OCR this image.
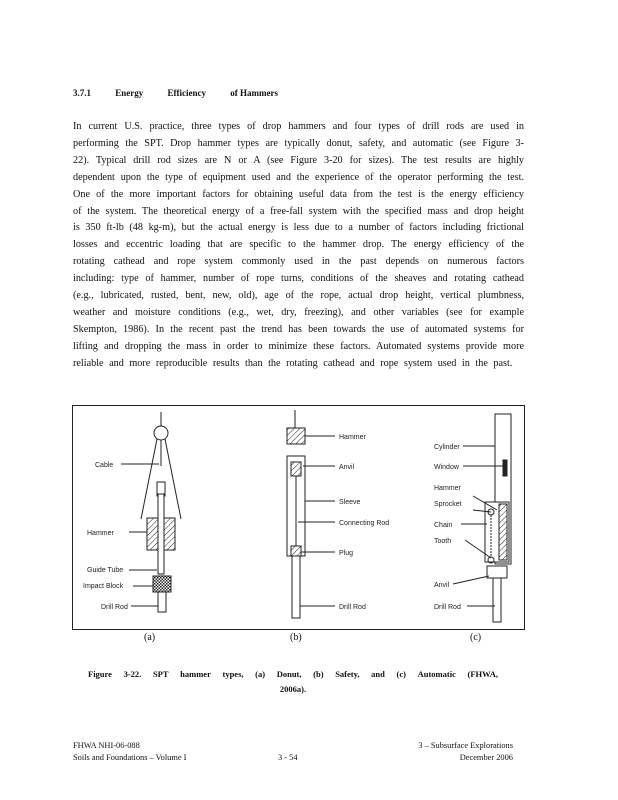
3.7.1	Energy	Efficiency	of Hammers
In current U.S. practice, three types of drop hammers and four types of drill rods are used in performing the SPT. Drop hammer types are typically donut, safety, and automatic (see Figure 3-22). Typical drill rod sizes are N or A (see Figure 3-20 for sizes). The test results are highly dependent upon the type of equipment used and the experience of the operator performing the test. One of the more important factors for obtaining useful data from the test is the energy efficiency of the system. The theoretical energy of a free-fall system with the specified mass and drop height is 350 ft-lb (48 kg-m), but the actual energy is less due to a number of factors including frictional losses and eccentric loading that are specific to the hammer drop. The energy efficiency of the rotating cathead and rope system commonly used in the past depends on numerous factors including: type of hammer, number of rope turns, conditions of the sheaves and rotating cathead (e.g., lubricated, rusted, bent, new, old), age of the rope, actual drop height, vertical plumbness, weather and moisture conditions (e.g., wet, dry, freezing), and other variables (see for example Skempton, 1986). In the recent past the trend has been towards the use of automated systems for lifting and dropping the mass in order to minimize these factors. Automated systems provide more reliable and more reproducible results than the rotating cathead and rope system used in the past.
Cable
Hammer
Guide Tube
Impact Block
Drill Rod
Hammer
Anvil
Sleeve
Connecting Rod
Plug
Drill Rod
Cylinder
Window
Hammer
Sprocket
Chain
Tooth
Anvil
Drill Rod
(a)	(b)	(c)
Figure 3-22. SPT hammer types, (a) Donut, (b) Safety, and (c) Automatic (FHWA,
2006a).
FHWA NHI-06-088
Soils and Foundations – Volume I	3 - 54
3 – Subsurface Explorations
December 2006
